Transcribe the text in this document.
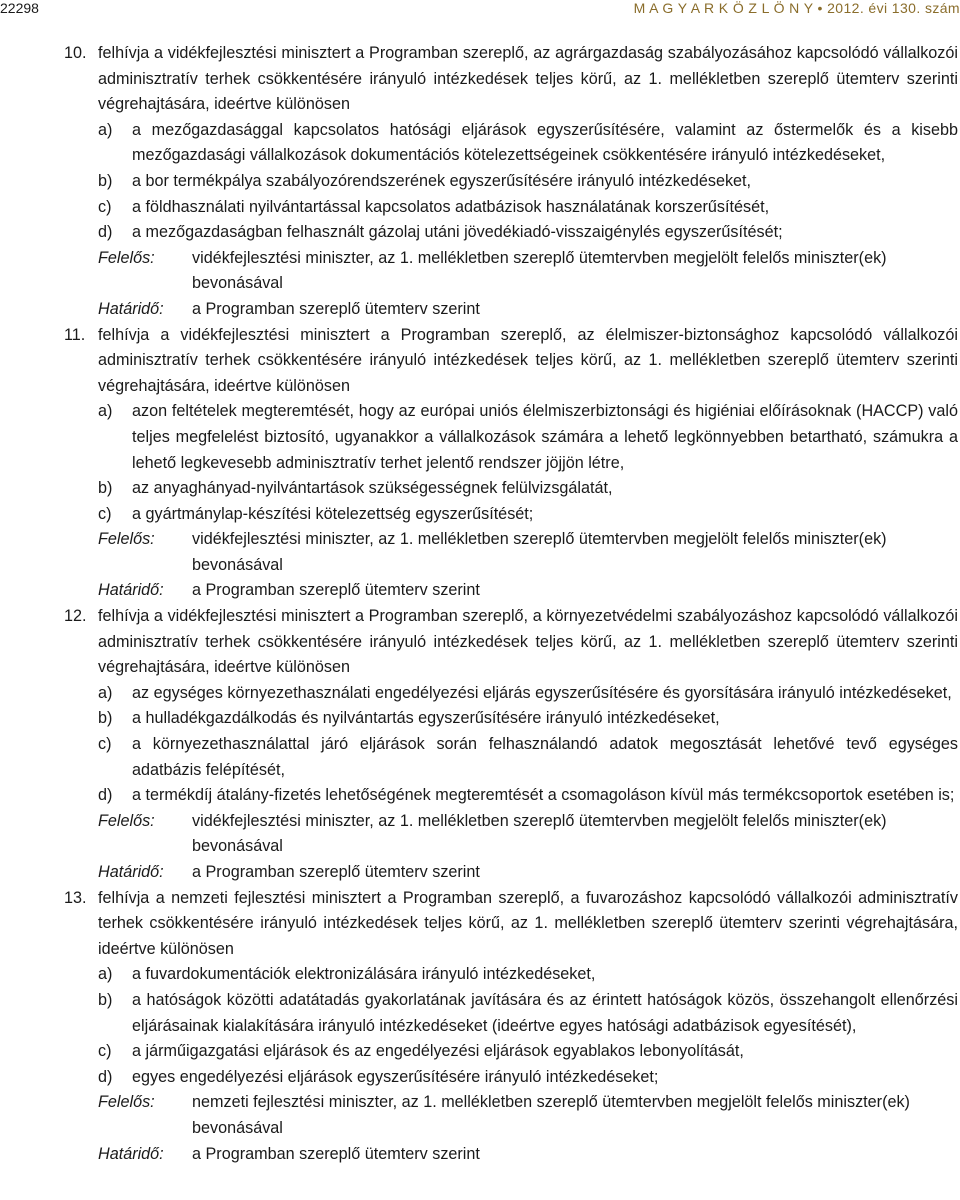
22298	M A G Y A R K Ö Z L Ö N Y • 2012. évi 130. szám
10. felhívja a vidékfejlesztési minisztert a Programban szereplő, az agrárgazdaság szabályozásához kapcsolódó vállalkozói adminisztratív terhek csökkentésére irányuló intézkedések teljes körű, az 1. mellékletben szereplő ütemterv szerinti végrehajtására, ideértve különösen
a) a mezőgazdasággal kapcsolatos hatósági eljárások egyszerűsítésére, valamint az őstermelők és a kisebb mezőgazdasági vállalkozások dokumentációs kötelezettségeinek csökkentésére irányuló intézkedéseket,
b) a bor termékpálya szabályozórendszerének egyszerűsítésére irányuló intézkedéseket,
c) a földhasználati nyilvántartással kapcsolatos adatbázisok használatának korszerűsítését,
d) a mezőgazdaságban felhasznált gázolaj utáni jövedékiadó-visszaigénylés egyszerűsítését;
Felelős: vidékfejlesztési miniszter, az 1. mellékletben szereplő ütemtervben megjelölt felelős miniszter(ek) bevonásával
Határidő: a Programban szereplő ütemterv szerint
11. felhívja a vidékfejlesztési minisztert a Programban szereplő, az élelmiszer-biztonsághoz kapcsolódó vállalkozói adminisztratív terhek csökkentésére irányuló intézkedések teljes körű, az 1. mellékletben szereplő ütemterv szerinti végrehajtására, ideértve különösen
a) azon feltételek megteremtését, hogy az európai uniós élelmiszerbiztonsági és higiéniai előírásoknak (HACCP) való teljes megfelelést biztosító, ugyanakkor a vállalkozások számára a lehető legkönnyebben betartható, számukra a lehető legkevesebb adminisztratív terhet jelentő rendszer jöjjön létre,
b) az anyaghányad-nyilvántartások szükségességnek felülvizsgálatát,
c) a gyártmánylap-készítési kötelezettség egyszerűsítését;
Felelős: vidékfejlesztési miniszter, az 1. mellékletben szereplő ütemtervben megjelölt felelős miniszter(ek) bevonásával
Határidő: a Programban szereplő ütemterv szerint
12. felhívja a vidékfejlesztési minisztert a Programban szereplő, a környezetvédelmi szabályozáshoz kapcsolódó vállalkozói adminisztratív terhek csökkentésére irányuló intézkedések teljes körű, az 1. mellékletben szereplő ütemterv szerinti végrehajtására, ideértve különösen
a) az egységes környezethasználati engedélyezési eljárás egyszerűsítésére és gyorsítására irányuló intézkedéseket,
b) a hulladékgazdálkodás és nyilvántartás egyszerűsítésére irányuló intézkedéseket,
c) a környezethasználattal járó eljárások során felhasználandó adatok megosztását lehetővé tevő egységes adatbázis felépítését,
d) a termékdíj átalány-fizetés lehetőségének megteremtését a csomagoláson kívül más termékcsoportok esetében is;
Felelős: vidékfejlesztési miniszter, az 1. mellékletben szereplő ütemtervben megjelölt felelős miniszter(ek) bevonásával
Határidő: a Programban szereplő ütemterv szerint
13. felhívja a nemzeti fejlesztési minisztert a Programban szereplő, a fuvarozáshoz kapcsolódó vállalkozói adminisztratív terhek csökkentésére irányuló intézkedések teljes körű, az 1. mellékletben szereplő ütemterv szerinti végrehajtására, ideértve különösen
a) a fuvardokumentációk elektronizálására irányuló intézkedéseket,
b) a hatóságok közötti adatátadás gyakorlatának javítására és az érintett hatóságok közös, összehangolt ellenőrzési eljárásainak kialakítására irányuló intézkedéseket (ideértve egyes hatósági adatbázisok egyesítését),
c) a járműigazgatási eljárások és az engedélyezési eljárások egyablakos lebonyolítását,
d) egyes engedélyezési eljárások egyszerűsítésére irányuló intézkedéseket;
Felelős: nemzeti fejlesztési miniszter, az 1. mellékletben szereplő ütemtervben megjelölt felelős miniszter(ek) bevonásával
Határidő: a Programban szereplő ütemterv szerint
